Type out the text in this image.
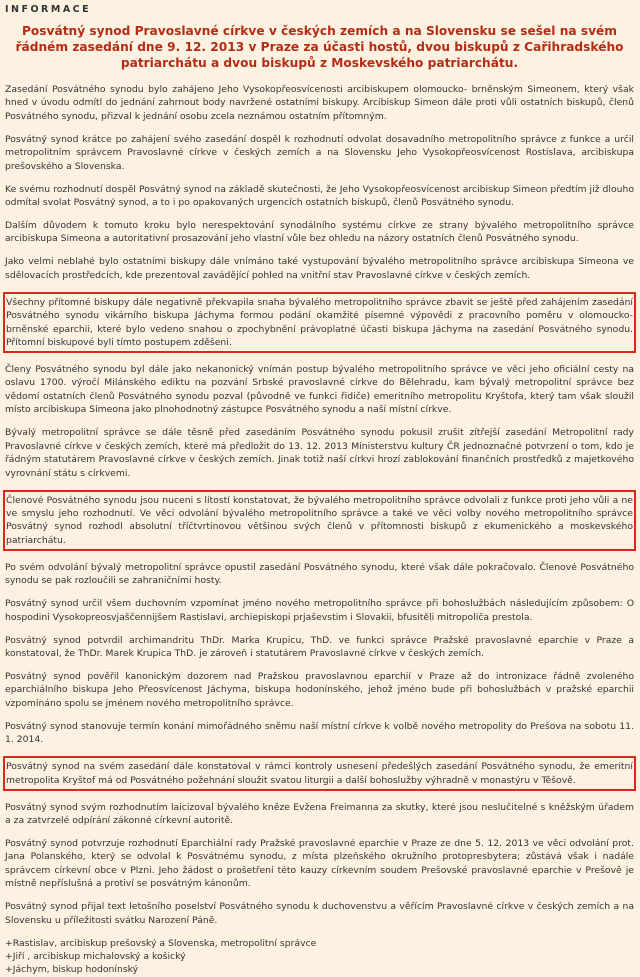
INFORMACE
Posvátný synod Pravoslavné církve v českých zemích a na Slovensku se sešel na svém řádném zasedání dne 9. 12. 2013 v Praze za účasti hostů, dvou biskupů z Cařihradského patriarchátu a dvou biskupů z Moskevského patriarchátu.

Zasedání Posvátného synodu bylo zahájeno Jeho Vysokopřeosvícenosti arcibiskupem olomoucko- brněnským Simeonem, který však hned v úvodu odmítl do jednání zahrnout body navržené ostatními biskupy. Arcibiskup Simeon dále proti vůli ostatních biskupů, členů Posvátného synodu, přizval k jednání osobu zcela neznámou ostatním přítomným.

Posvátný synod krátce po zahájení svého zasedání dospěl k rozhodnutí odvolat dosavadního metropolitního správce z funkce a určil metropolitním správcem Pravoslavné církve v českých zemích a na Slovensku Jeho Vysokopřeosvícenost Rostislava, arcibiskupa prešovského a Slovenska.

Ke svému rozhodnutí dospěl Posvátný synod na základě skutečnosti, že Jeho Vysokopřeosvícenost arcibiskup Simeon předtím již dlouho odmítal svolat Posvátný synod, a to i po opakovaných urgencích ostatních biskupů, členů Posvátného synodu.

Dalším důvodem k tomuto kroku bylo nerespektování synodálního systému církve ze strany bývalého metropolitního správce arcibiskupa Simeona a autoritativní prosazování jeho vlastní vůle bez ohledu na názory ostatních členů Posvátného synodu.

Jako velmi neblahé bylo ostatními biskupy dále vnímáno také vystupování bývalého metropolitního správce arcibiskupa Simeona ve sdělovacích prostředcích, kde prezentoval zavádějící pohled na vnitřní stav Pravoslavné církve v českých zemích.

Všechny přítomné biskupy dále negativně překvapila snaha bývalého metropolitního správce zbavit se ještě před zahájením zasedání Posvátného synodu vikárního biskupa Jáchyma formou podání okamžité písemné výpovědi z pracovního poměru v olomoucko-brněnské eparchii, které bylo vedeno snahou o zpochybnění právoplatné účasti biskupa Jáchyma na zasedání Posvátného synodu. Přítomní biskupové byli tímto postupem zděšeni.

Členy Posvátného synodu byl dále jako nekanonický vnímán postup bývalého metropolitního správce ve věci jeho oficiální cesty na oslavu 1700. výročí Milánského ediktu na pozvání Srbské pravoslavné církve do Bělehradu, kam bývalý metropolitní správce bez vědomí ostatních členů Posvátného synodu pozval (původně ve funkci řidiče) emeritního metropolitu Kryštofa, který tam však sloužil místo arcibiskupa Simeona jako plnohodnotný zástupce Posvátného synodu a naší místní církve.

Bývalý metropolitní správce se dále těsně před zasedáním Posvátného synodu pokusil zrušit zítřejší zasedání Metropolitní rady Pravoslavné církve v českých zemích, které má předložit do 13. 12. 2013 Ministerstvu kultury ČR jednoznačné potvrzení o tom, kdo je řádným statutárem Pravoslavné církve v českých zemích. Jinak totiž naší církvi hrozí zablokování finančních prostředků z majetkového vyrovnání státu s církvemi.

Členové Posvátného synodu jsou nuceni s lítostí konstatovat, že bývalého metropolitního správce odvolali z funkce proti jeho vůli a ne ve smyslu jeho rozhodnutí. Ve věci odvolání bývalého metropolitního správce a také ve věci volby nového metropolitního správce Posvátný synod rozhodl absolutní tříčtvrtinovou většinou svých členů v přítomnosti biskupů z ekumenického a moskevského patriarchátu.

Po svém odvolání bývalý metropolitní správce opustil zasedání Posvátného synodu, které však dále pokračovalo. Členové Posvátného synodu se pak rozloučili se zahraničními hosty.

Posvátný synod určil všem duchovním vzpomínat jméno nového metropolitního správce při bohoslužbách následujícím způsobem: O hospodini Vysokopreosvjaščennijšem Rastislavi, archiepiskopi prjaševstim i Slovakii, bfusitěli mitropoliča prestola.

Posvátný synod potvrdil archimandritu ThDr. Marka Krupicu, ThD. ve funkci správce Pražské pravoslavné eparchie v Praze a konstatoval, že ThDr. Marek Krupica ThD. je zároveň i statutárem Pravoslavné církve v českých zemích.

Posvátný synod pověřil kanonickým dozorem nad Pražskou pravoslavnou eparchií v Praze až do intronizace řádně zvoleného eparchiálního biskupa Jeho Přeosvícenost Jáchyma, biskupa hodonínského, jehož jméno bude při bohoslužbách v pražské eparchii vzpomínáno spolu se jménem nového metropolitního správce.

Posvátný synod stanovuje termín konání mimořádného sněmu naší místní církve k volbě nového metropolity do Prešova na sobotu 11. 1. 2014.

Posvátný synod na svém zasedání dále konstatoval v rámci kontroly usnesení předešlých zasedání Posvátného synodu, že emeritní metropolita Kryštof má od Posvátného požehnání sloužit svatou liturgii a další bohoslužby výhradně v monastýru v Těšově.

Posvátný synod svým rozhodnutím laicizoval bývalého kněze Evženа Freimanna za skutky, které jsou neslučitelné s kněžským úřadem a za zatvrzelé odpírání zákonné církevní autoritě.

Posvátný synod potvrzuje rozhodnutí Eparchiální rady Pražské pravoslavné eparchie v Praze ze dne 5. 12. 2013 ve věci odvolání prot. Jana Polanského, který se odvolal k Posvátnému synodu, z místa plzeňského okružního protopresbytera; zůstává však i nadále správcem církevní obce v Plzni. Jeho žádost o prošetření této kauzy církevním soudem Prešovské pravoslavné eparchie v Prešově je místně nepříslušná a protiví se posvátným kánonům.

Posvátný synod přijal text letošního poselství Posvátného synodu k duchovenstvu a věřícím Pravoslavné církve v českých zemích a na Slovensku u příležitosti svátku Narození Páně.

+Rastislav, arcibiskup prešovský a Slovenska, metropolitní správce
+Jiří , arcibiskup michalovský a košický
+Jáchym, biskup hodonínský
